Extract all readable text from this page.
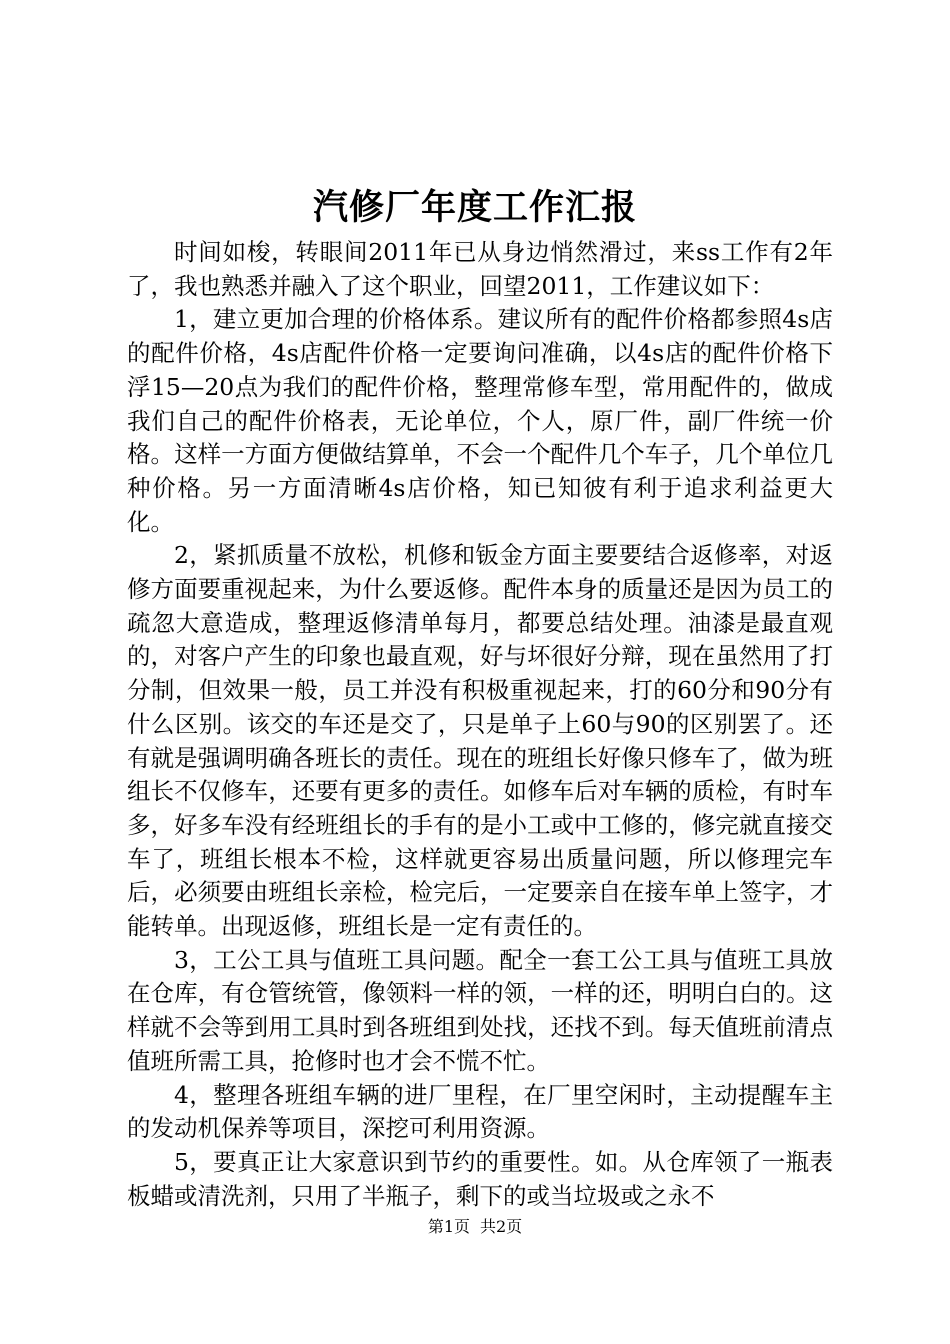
汽修厂年度工作汇报

时间如梭，转眼间2011年已从身边悄然滑过，来ss工作有2年了，我也熟悉并融入了这个职业，回望2011，工作建议如下：

1，建立更加合理的价格体系。建议所有的配件价格都参照4s店的配件价格，4s店配件价格一定要询问准确，以4s店的配件价格下浮15—20点为我们的配件价格，整理常修车型，常用配件的，做成我们自己的配件价格表，无论单位，个人，原厂件，副厂件统一价格。这样一方面方便做结算单，不会一个配件几个车子，几个单位几种价格。另一方面清晰4s店价格，知已知彼有利于追求利益更大化。

2，紧抓质量不放松，机修和钣金方面主要要结合返修率，对返修方面要重视起来，为什么要返修。配件本身的质量还是因为员工的疏忽大意造成，整理返修清单每月，都要总结处理。油漆是最直观的，对客户产生的印象也最直观，好与坏很好分辩，现在虽然用了打分制，但效果一般，员工并没有积极重视起来，打的60分和90分有什么区别。该交的车还是交了，只是单子上60与90的区别罢了。还有就是强调明确各班长的责任。现在的班组长好像只修车了，做为班组长不仅修车，还要有更多的责任。如修车后对车辆的质检，有时车多，好多车没有经班组长的手有的是小工或中工修的，修完就直接交车了，班组长根本不检，这样就更容易出质量问题，所以修理完车后，必须要由班组长亲检，检完后，一定要亲自在接车单上签字，才能转单。出现返修，班组长是一定有责任的。

3，工公工具与值班工具问题。配全一套工公工具与值班工具放在仓库，有仓管统管，像领料一样的领，一样的还，明明白白的。这样就不会等到用工具时到各班组到处找，还找不到。每天值班前清点值班所需工具，抢修时也才会不慌不忙。

4，整理各班组车辆的进厂里程，在厂里空闲时，主动提醒车主的发动机保养等项目，深挖可利用资源。

5，要真正让大家意识到节约的重要性。如。从仓库领了一瓶表板蜡或清洗剂，只用了半瓶子，剩下的或当垃圾或之永不

第1页 共2页
